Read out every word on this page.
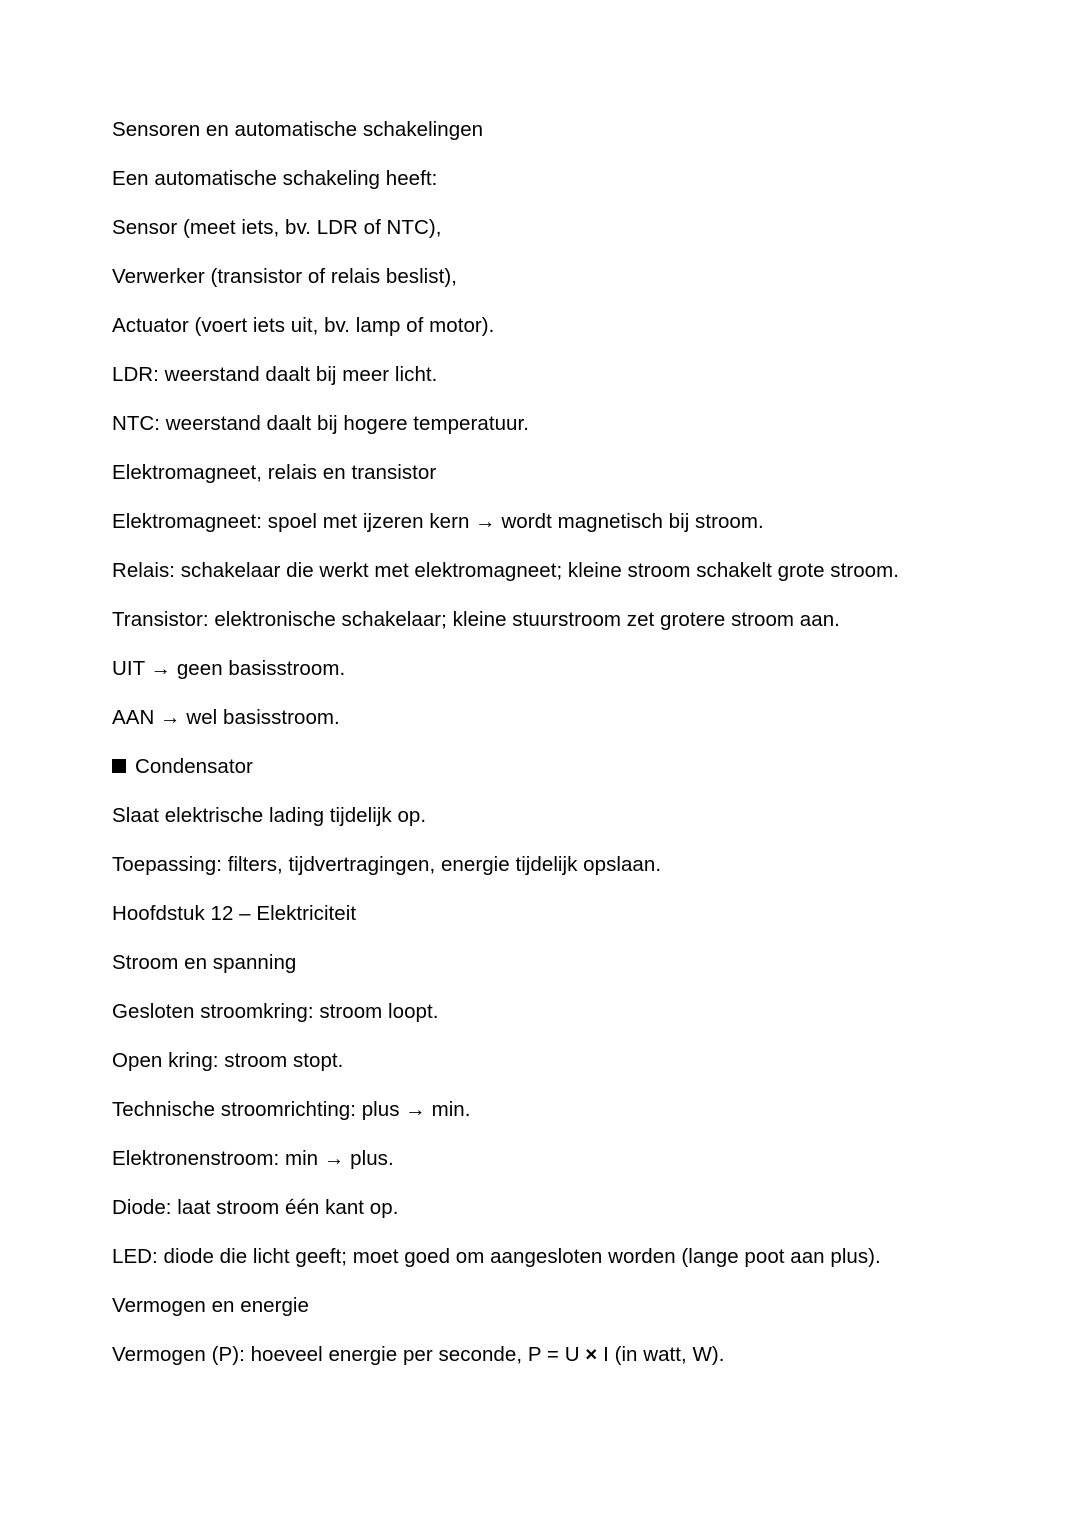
Sensoren en automatische schakelingen

Een automatische schakeling heeft:

Sensor (meet iets, bv. LDR of NTC),

Verwerker (transistor of relais beslist),

Actuator (voert iets uit, bv. lamp of motor).

LDR: weerstand daalt bij meer licht.

NTC: weerstand daalt bij hogere temperatuur.

Elektromagneet, relais en transistor

Elektromagneet: spoel met ijzeren kern → wordt magnetisch bij stroom.

Relais: schakelaar die werkt met elektromagneet; kleine stroom schakelt grote stroom.

Transistor: elektronische schakelaar; kleine stuurstroom zet grotere stroom aan.

UIT → geen basisstroom.

AAN → wel basisstroom.

Condensator

Slaat elektrische lading tijdelijk op.

Toepassing: filters, tijdvertragingen, energie tijdelijk opslaan.

Hoofdstuk 12 – Elektriciteit

Stroom en spanning

Gesloten stroomkring: stroom loopt.

Open kring: stroom stopt.

Technische stroomrichting: plus → min.

Elektronenstroom: min → plus.

Diode: laat stroom één kant op.

LED: diode die licht geeft; moet goed om aangesloten worden (lange poot aan plus).

Vermogen en energie

Vermogen (P): hoeveel energie per seconde, P = U × I (in watt, W).
